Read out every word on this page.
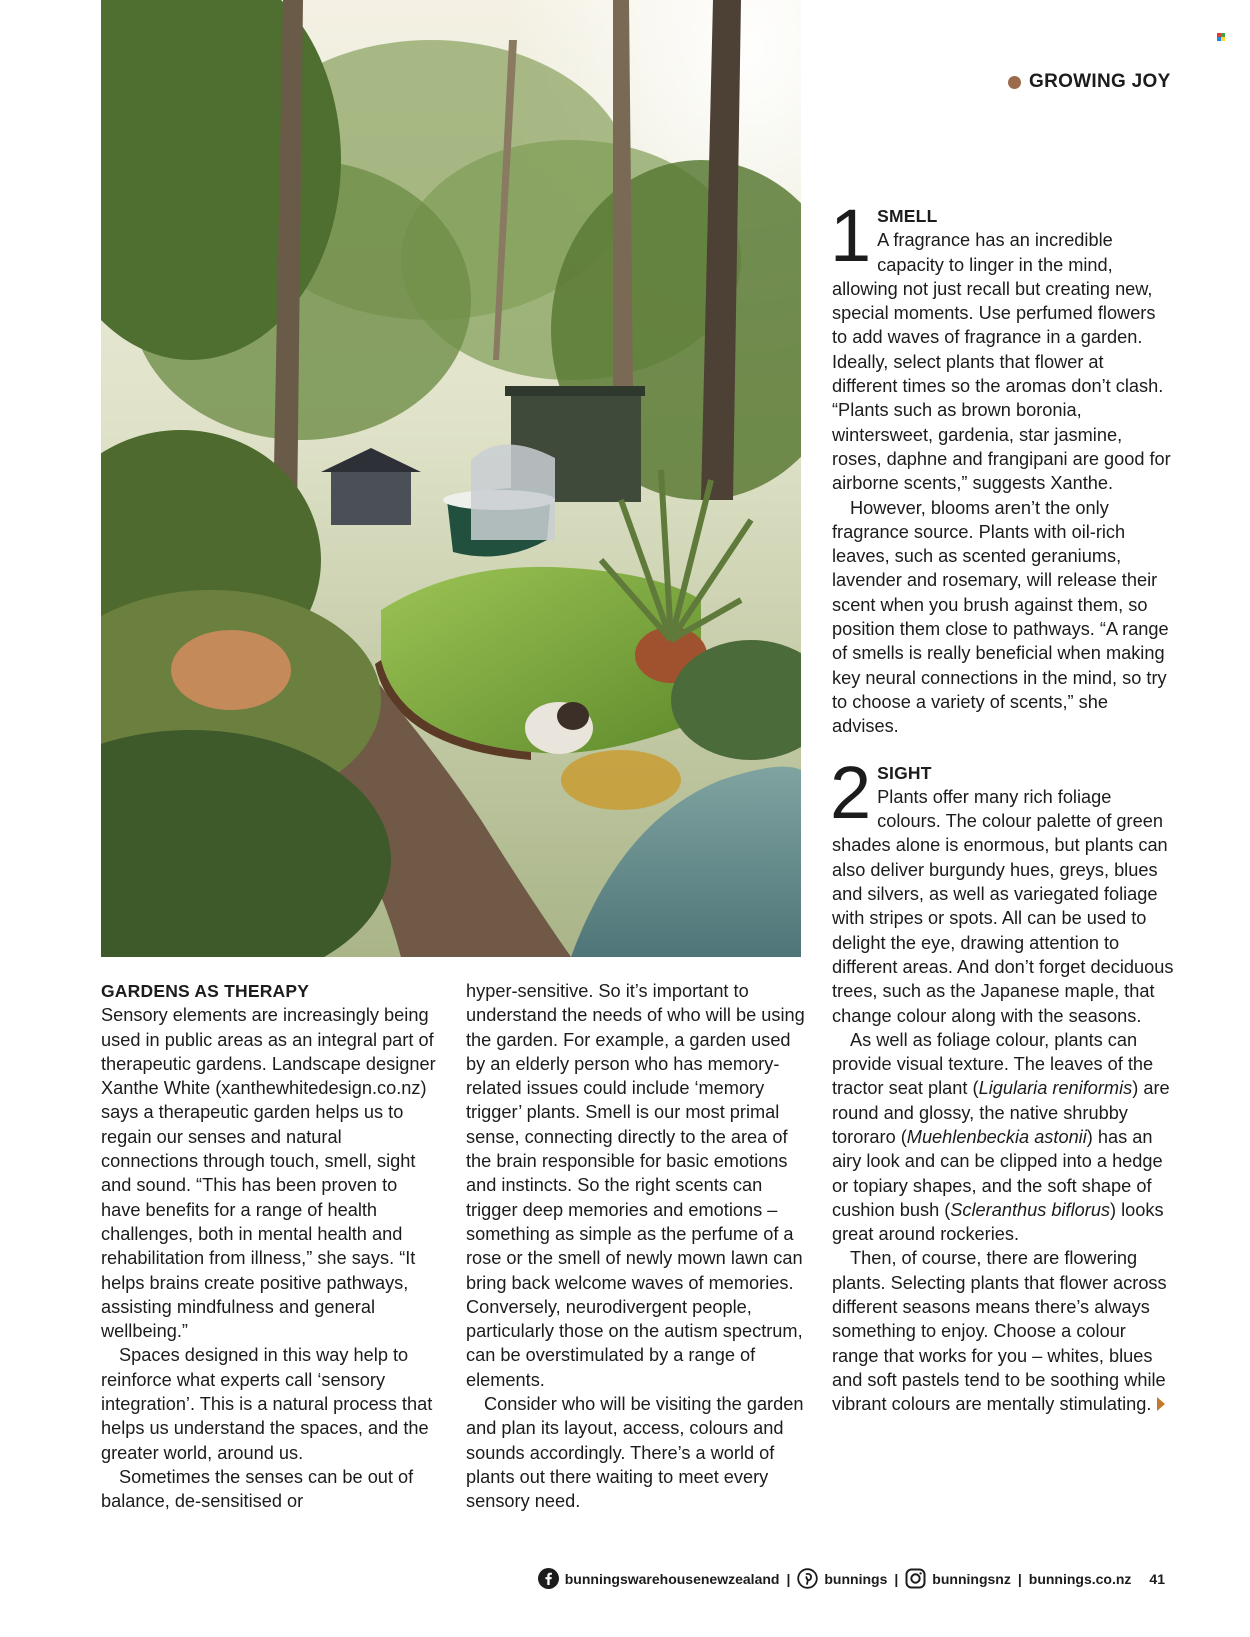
GROWING JOY
GARDENS AS THERAPY

Sensory elements are increasingly being used in public areas as an integral part of therapeutic gardens. Landscape designer Xanthe White (xanthewhitedesign.co.nz) says a therapeutic garden helps us to regain our senses and natural connections through touch, smell, sight and sound. “This has been proven to have benefits for a range of health challenges, both in mental health and rehabilitation from illness,” she says. “It helps brains create positive pathways, assisting mindfulness and general wellbeing.”

Spaces designed in this way help to reinforce what experts call ‘sensory integration’. This is a natural process that helps us understand the spaces, and the greater world, around us.

Sometimes the senses can be out of balance, de-sensitised or

hyper-sensitive. So it’s important to understand the needs of who will be using the garden. For example, a garden used by an elderly person who has memory-related issues could include ‘memory trigger’ plants. Smell is our most primal sense, connecting directly to the area of the brain responsible for basic emotions and instincts. So the right scents can trigger deep memories and emotions – something as simple as the perfume of a rose or the smell of newly mown lawn can bring back welcome waves of memories. Conversely, neurodivergent people, particularly those on the autism spectrum, can be overstimulated by a range of elements.

Consider who will be visiting the garden and plan its layout, access, colours and sounds accordingly. There’s a world of plants out there waiting to meet every sensory need.

1 SMELL

A fragrance has an incredible capacity to linger in the mind, allowing not just recall but creating new, special moments. Use perfumed flowers to add waves of fragrance in a garden. Ideally, select plants that flower at different times so the aromas don’t clash. “Plants such as brown boronia, wintersweet, gardenia, star jasmine, roses, daphne and frangipani are good for airborne scents,” suggests Xanthe.

However, blooms aren’t the only fragrance source. Plants with oil-rich leaves, such as scented geraniums, lavender and rosemary, will release their scent when you brush against them, so position them close to pathways. “A range of smells is really beneficial when making key neural connections in the mind, so try to choose a variety of scents,” she advises.

2 SIGHT

Plants offer many rich foliage colours. The colour palette of green shades alone is enormous, but plants can also deliver burgundy hues, greys, blues and silvers, as well as variegated foliage with stripes or spots. All can be used to delight the eye, drawing attention to different areas. And don’t forget deciduous trees, such as the Japanese maple, that change colour along with the seasons.

As well as foliage colour, plants can provide visual texture. The leaves of the tractor seat plant (Ligularia reniformis) are round and glossy, the native shrubby tororaro (Muehlenbeckia astonii) has an airy look and can be clipped into a hedge or topiary shapes, and the soft shape of cushion bush (Scleranthus biflorus) looks great around rockeries.

Then, of course, there are flowering plants. Selecting plants that flower across different seasons means there’s always something to enjoy. Choose a colour range that works for you – whites, blues and soft pastels tend to be soothing while vibrant colours are mentally stimulating.

bunningswarehousenewzealand | bunnings | bunningsnz | bunnings.co.nz 41
